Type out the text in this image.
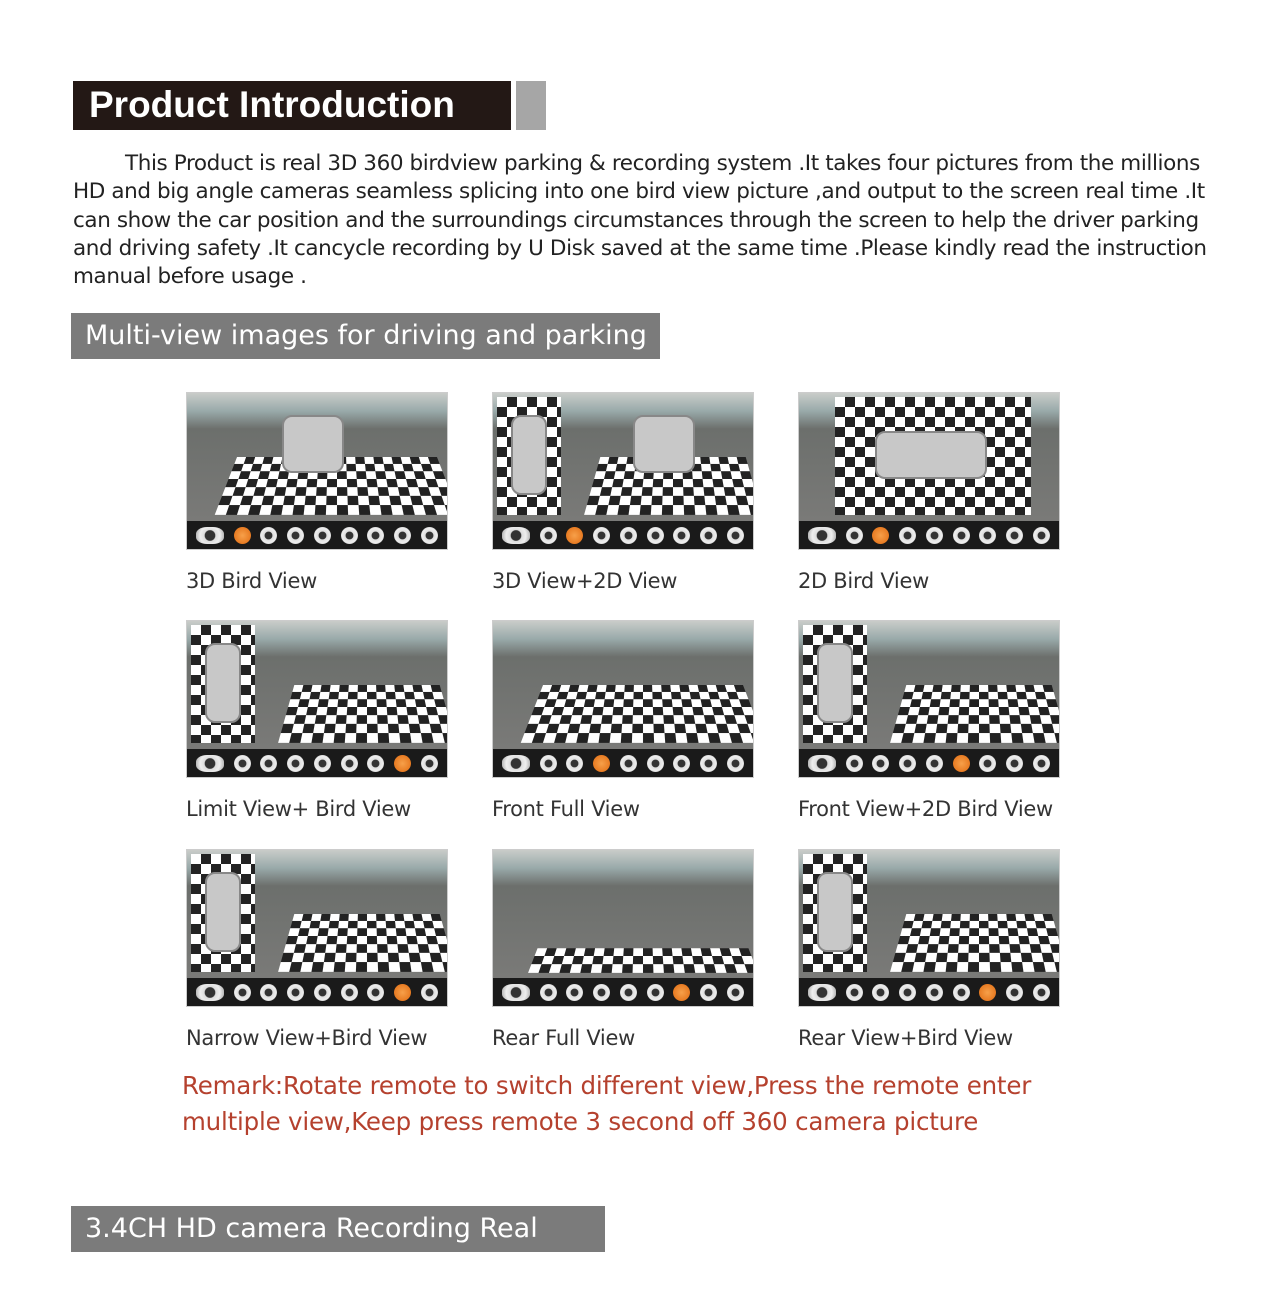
Product Introduction

This Product is real 3D 360 birdview parking & recording system .It takes four pictures from the millions HD and big angle cameras seamless splicing into one bird view picture ,and output to the screen real time .It can show the car position and the surroundings circumstances through the screen to help the driver parking and driving safety .It cancycle recording by U Disk saved at the same time .Please kindly read the instruction manual before usage .

Multi-view images for driving and parking
3D Bird View	3D View+2D View	2D Bird View
Limit View+ Bird View	Front Full View	Front View+2D Bird View
Narrow View+Bird View	Rear Full View	Rear View+Bird View
Remark:Rotate remote to switch different view,Press the remote enter
multiple view,Keep press remote 3 second off 360 camera picture
3.4CH HD camera Recording Real time
